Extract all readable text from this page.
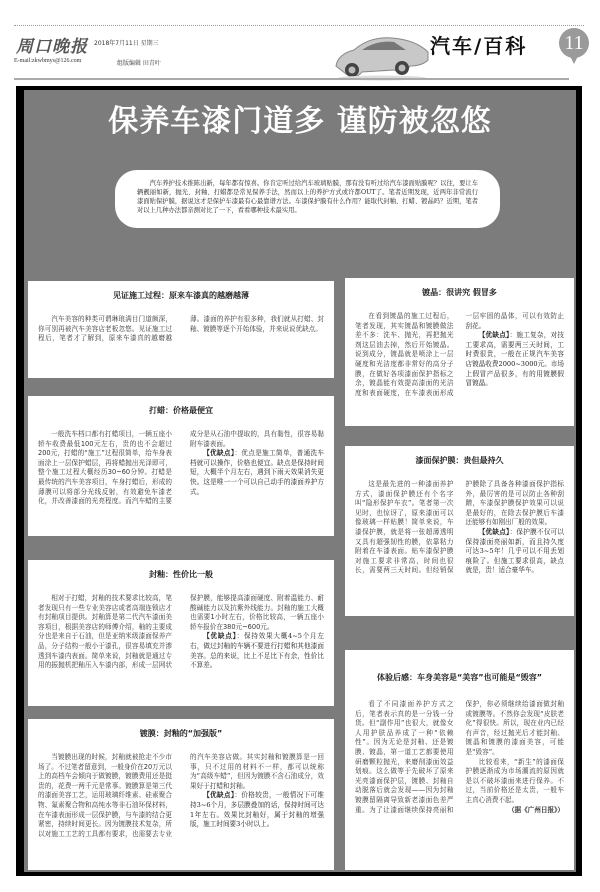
周口晚报 2018年7月11日 星期三
E-mail:zkwbmys@126.com	组版编辑 田青叶
汽车/百科 11
保养车漆门道多 谨防被忽悠
汽车养护技术推陈出新，每年都有惊喜。你肯定听过给汽车玻璃贴膜，那有没有听过给汽车漆面贴膜呢？以往，要让车辆靓丽如新，抛光、封釉、打蜡都是常见保养手法，然而以上的养护方式或许都OUT了。笔者近期发现，近两年非常流行漆面贴保护膜，据说这才是保护车漆最有心最靠谱方法。车漆保护膜有什么作用？能取代封釉、打蜡、镀晶吗？近期，笔者对以上几种办法都亲测对比了一下，看看哪种技术最实用。
见证施工过程：原来车漆真的越磨越薄

汽车美容的种类可谓琳琅满目门道颇深，你可别再被汽车美容店老板忽悠。见证施工过程后，笔者才了解到，原来车漆真的越磨越薄。漆面的养护有很多种，我们就从打蜡、封釉、镀膜等逐个开始体验，并来说说优缺点。

打蜡：价格最便宜

一般洗车档口都有打蜡项目，一辆五座小轿车收费最低100元左右，贵的也不会超过200元，打蜡的“施工”过程很简单，给车身表面涂上一层保护蜡层，再将蜡抛出光泽即可，整个施工过程大概经历30~60分钟。打蜡是最传统的汽车美容项目，车身打蜡后，形成的薄膜可以将部分光线反射，有效避免车漆老化，并改善漆面的光亮程度。而汽车蜡的主要成分是从石油中提取的，具有黏性，很容易黏附车漆表面。

【优缺点】：优点是施工简单，普通洗车档就可以操作，价格也便宜。缺点是保持时间短，大概半个月左右，遇到下雨天效果消失更快。这是唯一一个可以自己动手的漆面养护方式。

封釉：性价比一般

相对于打蜡，封釉的技术要求比较高，笔者发现只有一些专业美容店或者高端连锁店才有封釉项目提供。封釉算是第二代汽车漆面美容项目，根据美容店的师傅介绍，釉的主要成分也是来自于石油，但是亚纳米级漆面保养产品，分子结构一般小于漆孔，很容易填充并渗透到车漆内表面。简单来说，封釉就是通过专用的振抛机把釉压入车漆内部，形成一层网状保护膜，能够提高漆面硬度、附着温能力、耐酸碱能力以及抗紫外线能力。封釉的施工大概也需要1小时左右，价格比较高，一辆五座小轿车报价在380元~600元。

【优缺点】：保持效果大概4~5个月左右，做过封釉的车辆不要进行打蜡和其他漆面美容。总的来说，比上不足比下有余，性价比不算差。

镀膜：封釉的“加强版”

当镀膜出现的时候，封釉就被抢走不少市场了。不过笔者留意到，一般身价在20万元以上的高档车会倾向于做镀膜，镀膜费用还是挺贵的，花费一两千元是常事。镀膜算是第三代的漆面美容工艺，运用玻璃纤维素、硅素聚合物、氟素聚合物和高纯水等非石油环保材料，在车漆表面形成一层保护膜，与车漆的结合更紧密，持续时间更长。因为镀膜技术复杂，所以对施工工艺的工具都有要求，也需要去专业的汽车美容店做。其实封釉和镀膜算是一回事，只不过用的材料不一样，都可以统称为“高级车蜡”，但因为镀膜不含石油成分，效果好于打蜡和封釉。

【优缺点】：价格较贵，一般情况下可维持3~6个月，多层膜叠加的话，保持时间可达1年左右。效果比封釉好，属于封釉的增强版，施工时间要3小时以上。

镀晶：很讲究 假冒多

在看到镀晶的施工过程后，笔者发现，其实镀晶和镀膜做法差不多：洗车、抛光，再把抛光剂这层油去掉，然后开始镀晶。说到成分，镀晶就是喷涂上一层硬度和光洁度都非常好的高分子膜，在做好各项漆面保护指标之余，镀晶能有效提高漆面的光洁度和表面硬度，在车漆表面形成一层牢固的晶体，可以有效防止刮花。

【优缺点】：施工复杂，对技工要求高，需要两三天时间，工时费很贵，一般在正规汽车美容店镀晶收费2000~3000元。市场上假冒产品很多，有的用镀膜假冒镀晶。

漆面保护膜：贵但最持久

这是最先进的一种漆面养护方式，漆面保护膜还有个名字叫“隐形保护车衣”。笔者第一次见时，也惊讶了，原来漆面可以像玻璃一样贴膜！简单来说，车漆保护膜，就是将一张超薄透明又具有超强韧性的膜，依靠粘力附着在车漆表面。贴车漆保护膜对施工要求非常高，时间也很长，需要两三天时间。但经销保护膜除了具备各种漆面保护指标外，最厉害的是可以防止各种刮蹭，车漆保护膜保护效果可以说是最好的，在除去保护膜后车漆还能够有如刚出厂般的效果。

【优缺点】：保护膜不仅可以保持漆面亮丽如新，而且持久度可达3~5年！几乎可以不用丢划痕险了。但施工要求很高，缺点就是，贵！适合豪华车。

体验后感：车身美容是“美容”也可能是“毁容”

看了不同漆面养护方式之后，笔者表示真的是一分钱一分货。但“副作用”也很大，就像女人用护肤品养成了一种“依赖性”。因为无论是封釉、还是镀膜、镀晶，第一道工艺都要使用研磨颗粒抛光，来磨削漆面效益划痕。这么做等于先破坏了原来光亮漆面保护层，镀膜、封釉自动脱落后就会发现——因为封釉镀膜留隔离导致新老漆面色差严重。为了让漆面继续保持亮丽和保护，你必须继续给漆面做封釉或镀膜等。不然你会发现“皮肤老化”得很快。所以，现在业内已经有声音，经过抛光后才能封釉、镀晶和镀膜的漆面美容，可能是“毁容”。

比较看来，“新生”的漆面保护膜逐渐成为市场潮流的原因就是以不破坏漆面来进行保养。不过，当前价格还是太贵，一般车主真心消费不起。
（据《广州日报》）
